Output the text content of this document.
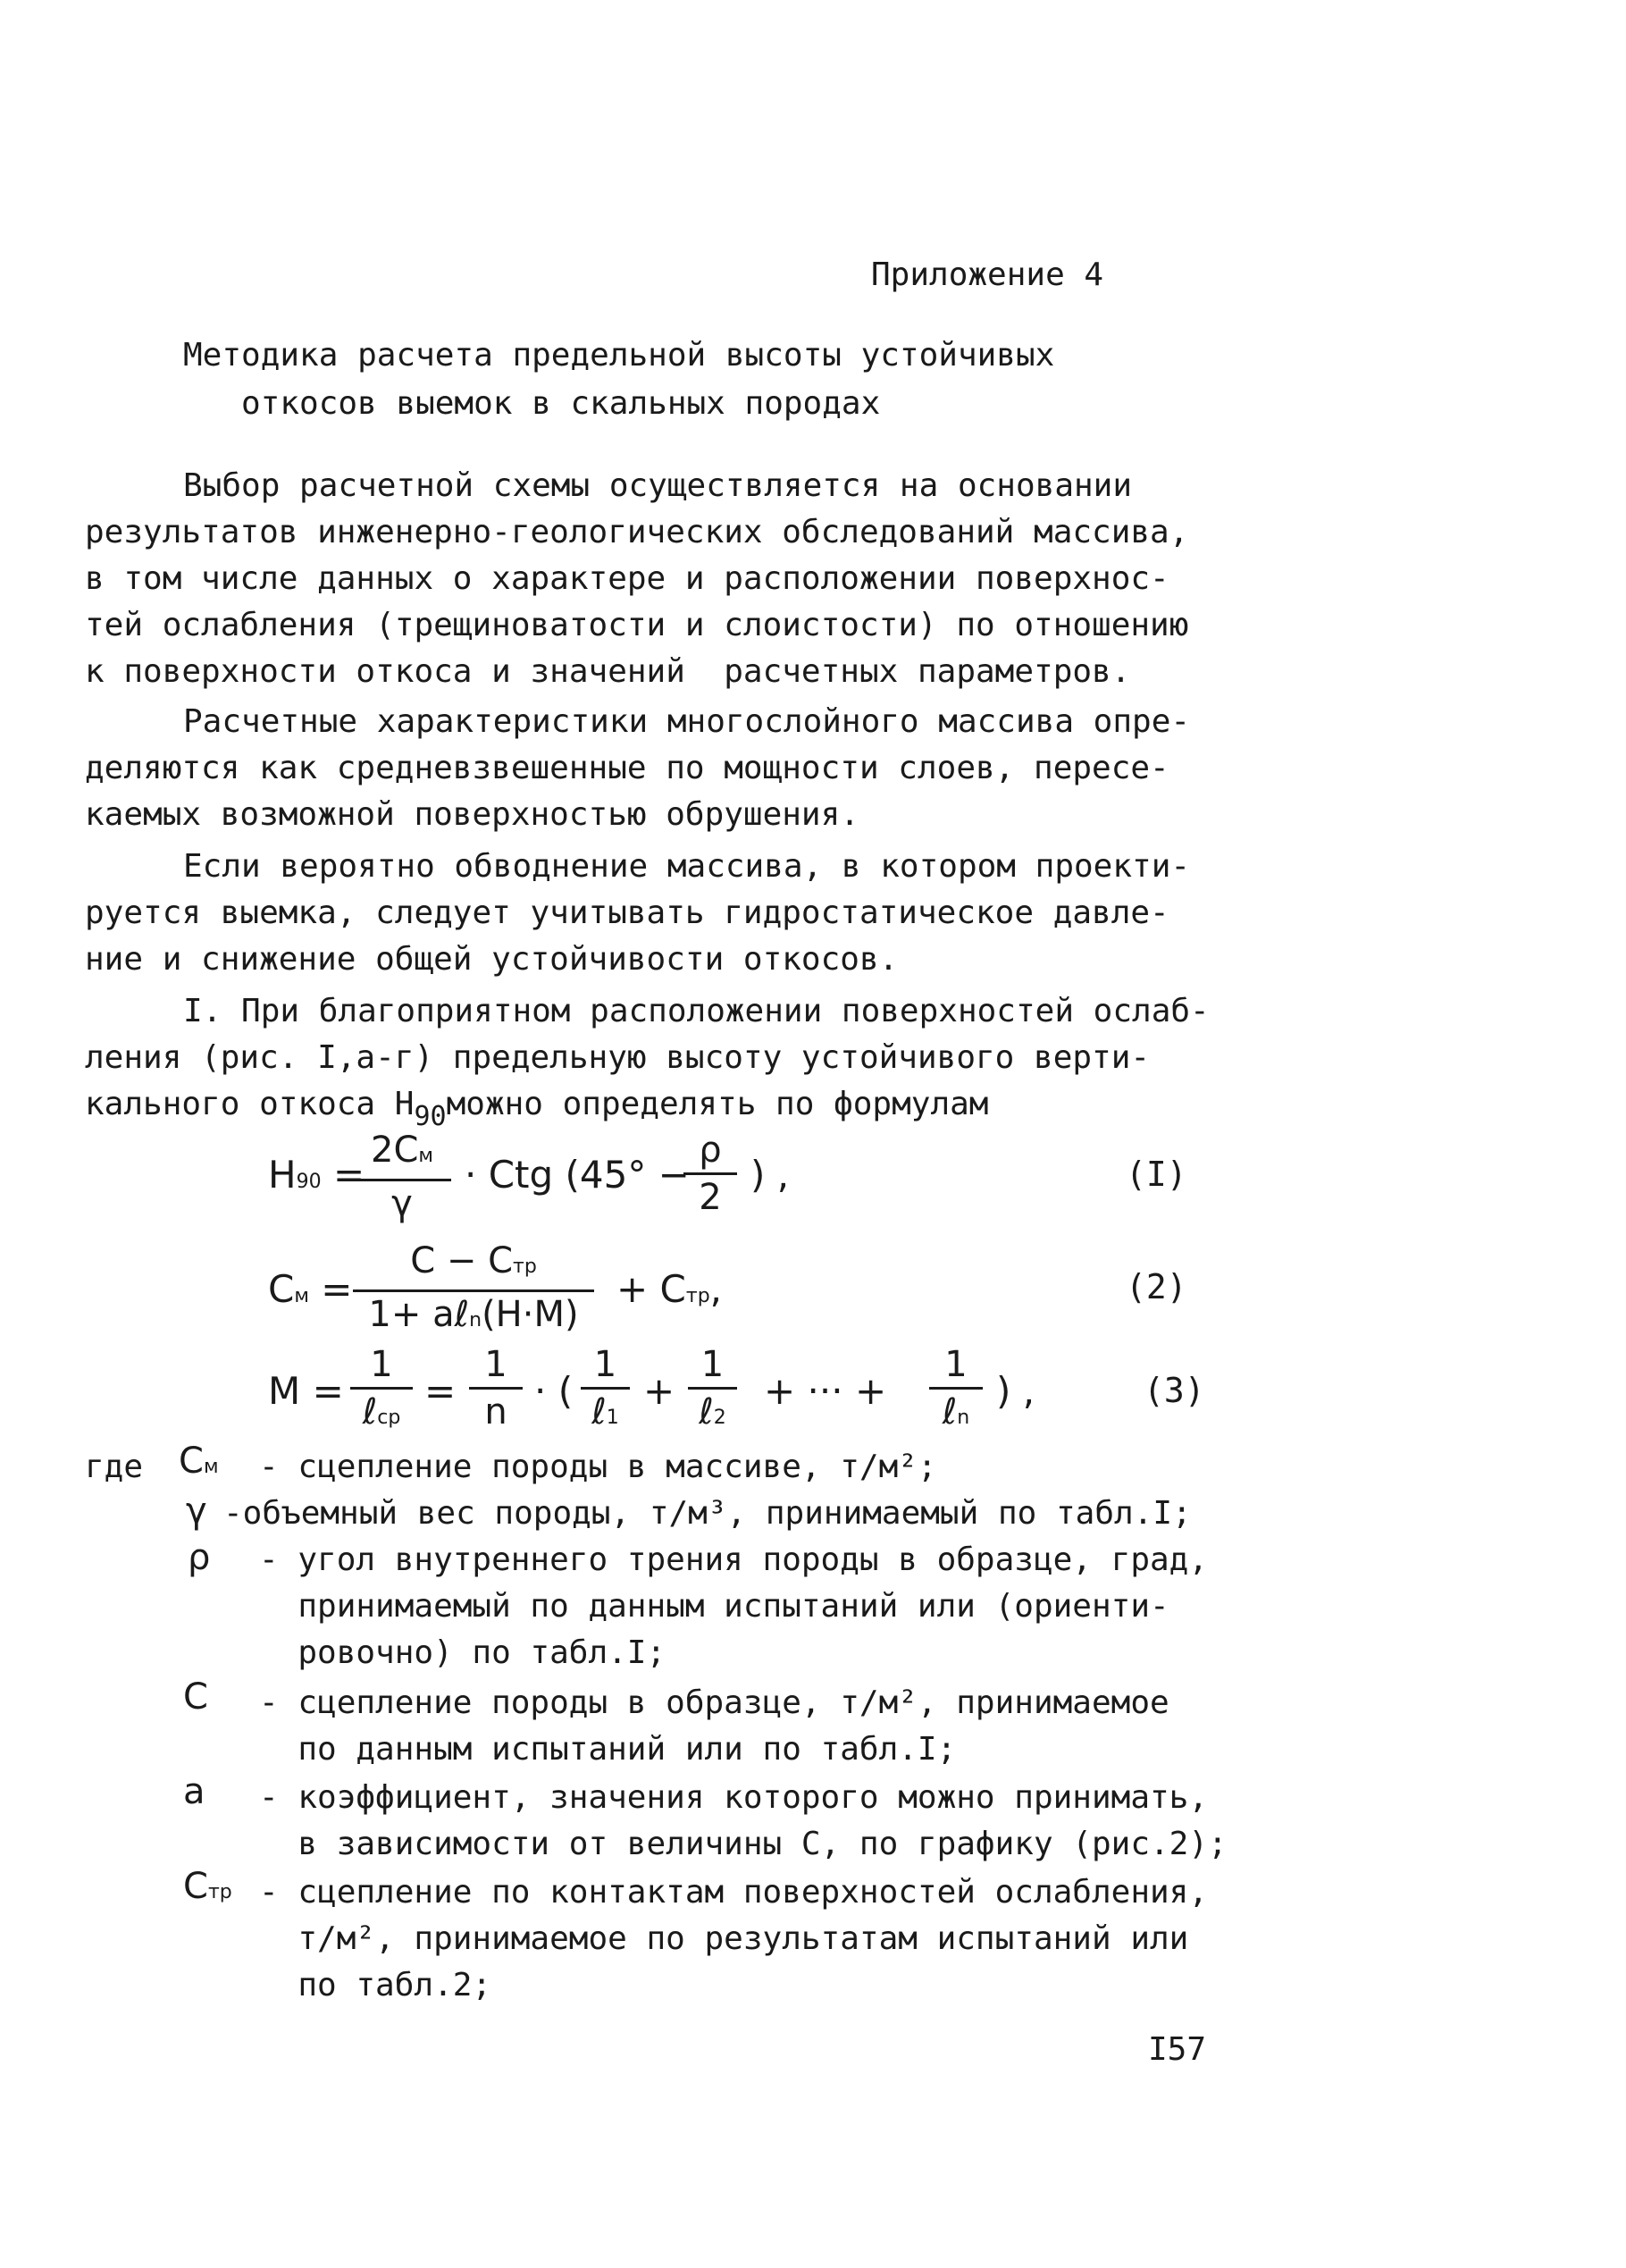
Приложение 4
Методика расчета предельной высоты устойчивых
откосов выемок в скальных породах
Выбор расчетной схемы осуществляется на основании
результатов инженерно-геологических обследований массива,
в том числе данных о характере и расположении поверхнос-
тей ослабления (трещиноватости и слоистости) по отношению
к поверхности откоса и значений  расчетных параметров.
Расчетные характеристики многослойного массива опре-
деляются как средневзвешенные по мощности слоев, пересе-
каемых возможной поверхностью обрушения.
Если вероятно обводнение массива, в котором проекти-
руется выемка, следует учитывать гидростатическое давле-
ние и снижение общей устойчивости откосов.
I. При благоприятном расположении поверхностей ослаб-
ления (рис. I,а-г) предельную высоту устойчивого верти-
кального откоса $H_{90}можно$ определять по формулам
H90 =
2Cм
γ
· Ctg (45° −
ρ
2
) ,	(I)
Cм =
C − Cтр
1+ aℓn(H·M)
+ Cтр,	(2)
M =
1
ℓср
=
1
n · (
1
ℓ1
+
1
ℓ2
+ ··· +
1
ℓn
) ,	(3)
где Cм - сцепление породы в массиве, т/м²;
γ -объемный вес породы, т/м³, принимаемый по табл.I;
ρ - угол внутреннего трения породы в образце, град,
принимаемый по данным испытаний или (ориенти-
ровочно) по табл.I;
C - сцепление породы в образце, т/м², принимаемое
по данным испытаний или по табл.I;
a - коэффициент, значения которого можно принимать,
в зависимости от величины C, по графику (рис.2);
Cтр - сцепление по контактам поверхностей ослабления,
т/м², принимаемое по результатам испытаний или
по табл.2;
I57
